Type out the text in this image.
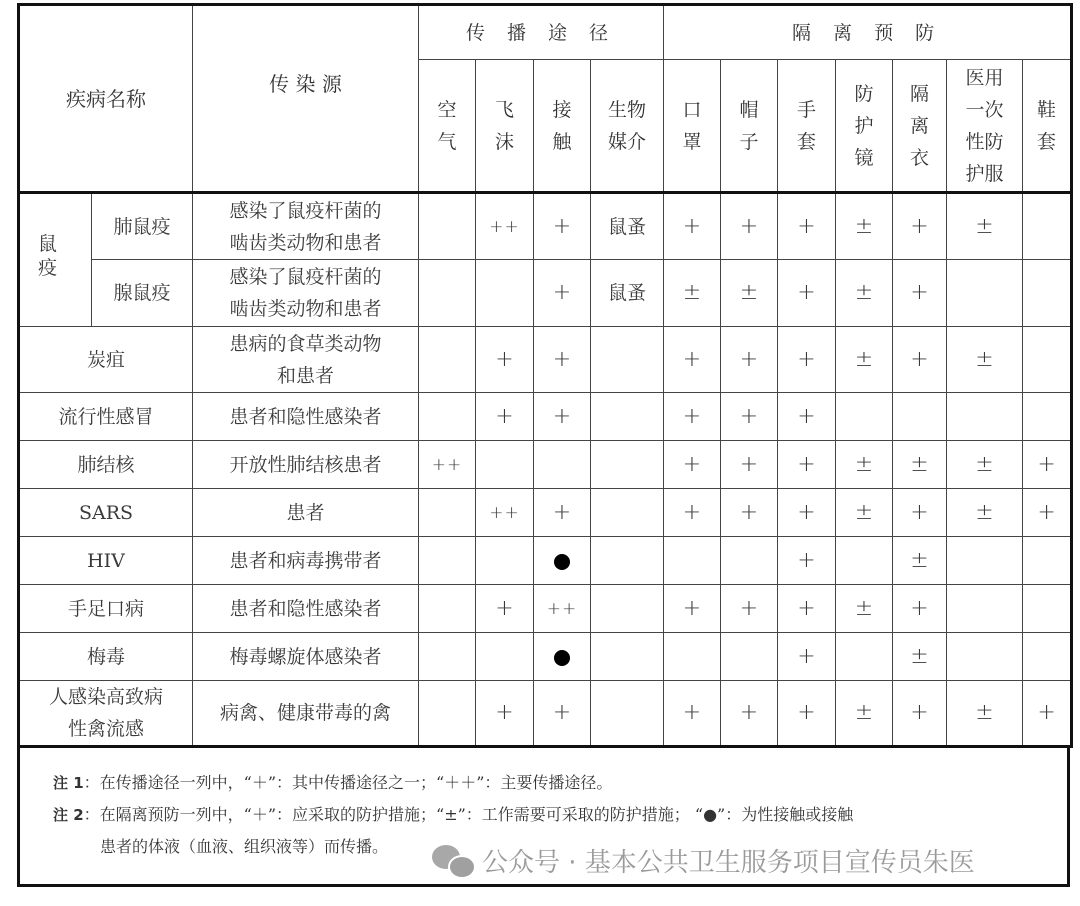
疾病名称		传 染 源	传 播 途 径				隔 离 预 防						
			空气	飞沫	接触	生物媒介	口罩	帽子	手套	防护镜	隔离衣	医用一次性防护服	鞋套
鼠疫	肺鼠疫	感染了鼠疫杆菌的啮齿类动物和患者		++	+	鼠蚤	+	+	+	±	+	±	
	腺鼠疫	感染了鼠疫杆菌的啮齿类动物和患者			+	鼠蚤	±	±	+	±	+		
炭疽		患病的食草类动物和患者		+	+		+	+	+	±	+	±	
流行性感冒		患者和隐性感染者		+	+		+	+	+				
肺结核		开放性肺结核患者	++				+	+	+	±	±	±	+
SARS		患者		++	+		+	+	+	±	+	±	+
HIV		患者和病毒携带者							+		±		
手足口病		患者和隐性感染者		+	++		+	+	+	±	+		
梅毒		梅毒螺旋体感染者							+		±		
人感染高致病性禽流感		病禽、健康带毒的禽		+	+		+	+	+	±	+	±	+
注 1：在传播途径一列中，“＋”：其中传播途径之一；“＋＋”：主要传播途径。
注 2：在隔离预防一列中，“＋”：应采取的防护措施；“±”：工作需要可采取的防护措施； “●”：为性接触或接触
患者的体液（血液、组织液等）而传播。
公众号 · 基本公共卫生服务项目宣传员朱医
